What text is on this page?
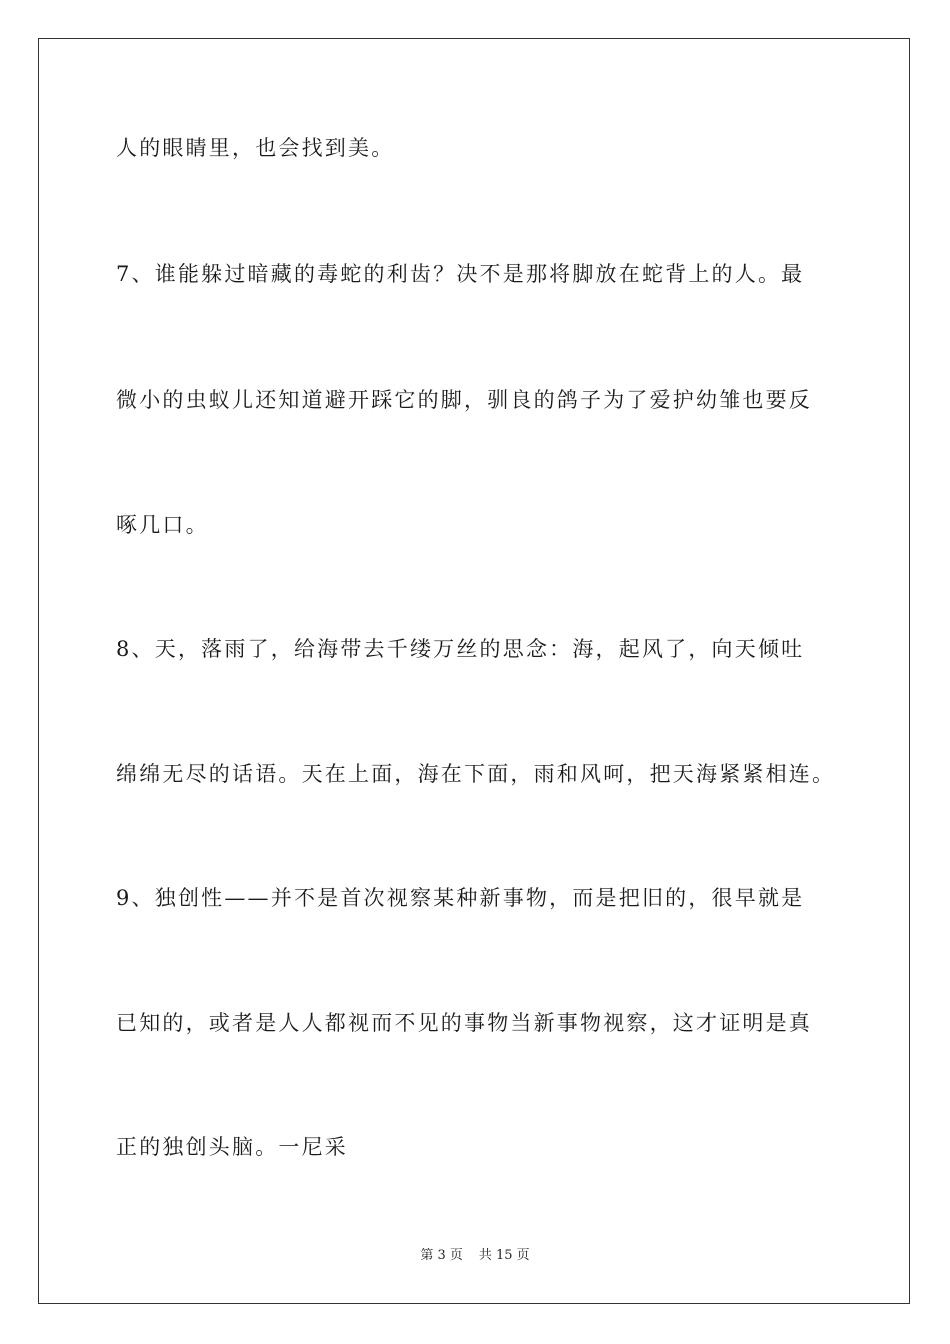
人的眼睛里，也会找到美。
7、谁能躲过暗藏的毒蛇的利齿？决不是那将脚放在蛇背上的人。最
微小的虫蚁儿还知道避开踩它的脚，驯良的鸽子为了爱护幼雏也要反
啄几口。
8、天，落雨了，给海带去千缕万丝的思念：海，起风了，向天倾吐
绵绵无尽的话语。天在上面，海在下面，雨和风呵，把天海紧紧相连。
9、独创性——并不是首次视察某种新事物，而是把旧的，很早就是
已知的，或者是人人都视而不见的事物当新事物视察，这才证明是真
正的独创头脑。一尼采
第 3 页 共 15 页
